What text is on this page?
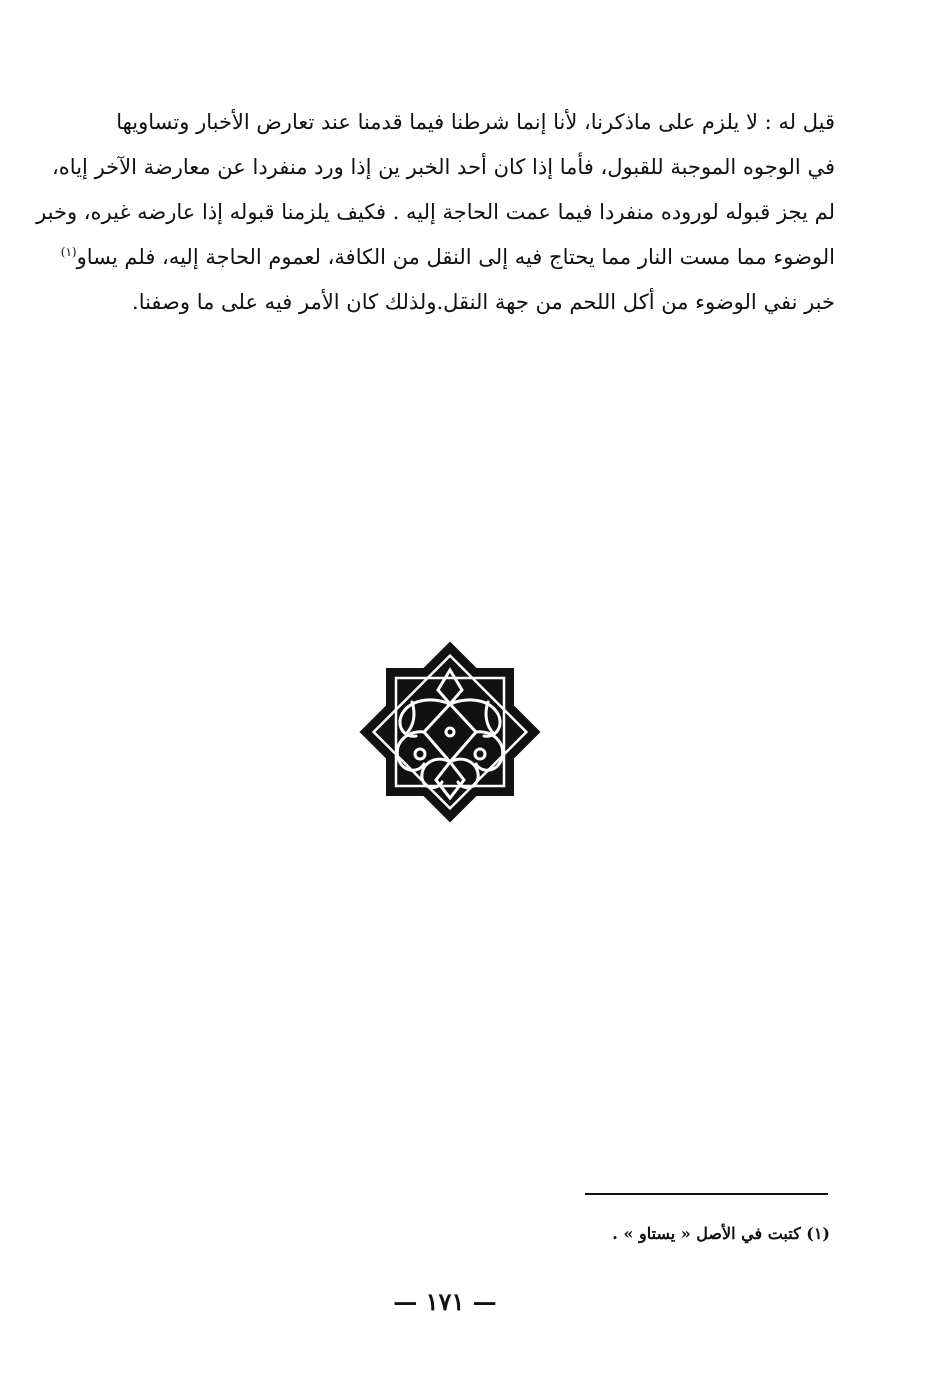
قيل له : لا يلزم على ماذكرنا، لأنا إنما شرطنا فيما قدمنا عند تعارض الأخبار وتساويها
في الوجوه الموجبة للقبول، فأما إذا كان أحد الخبر ين إذا ورد منفردا عن معارضة الآخر إياه،
لم يجز قبوله لوروده منفردا فيما عمت الحاجة إليه . فكيف يلزمنا قبوله إذا عارضه غيره، وخبر
الوضوء مما مست النار مما يحتاج فيه إلى النقل من الكافة، لعموم الحاجة إليه، فلم يساو$^{(١)}$
خبر نفي الوضوء من أكل اللحم من جهة النقل.ولذلك كان الأمر فيه على ما وصفنا.
(١) كتبت في الأصل « يستاو » .
— ١٧١ —
